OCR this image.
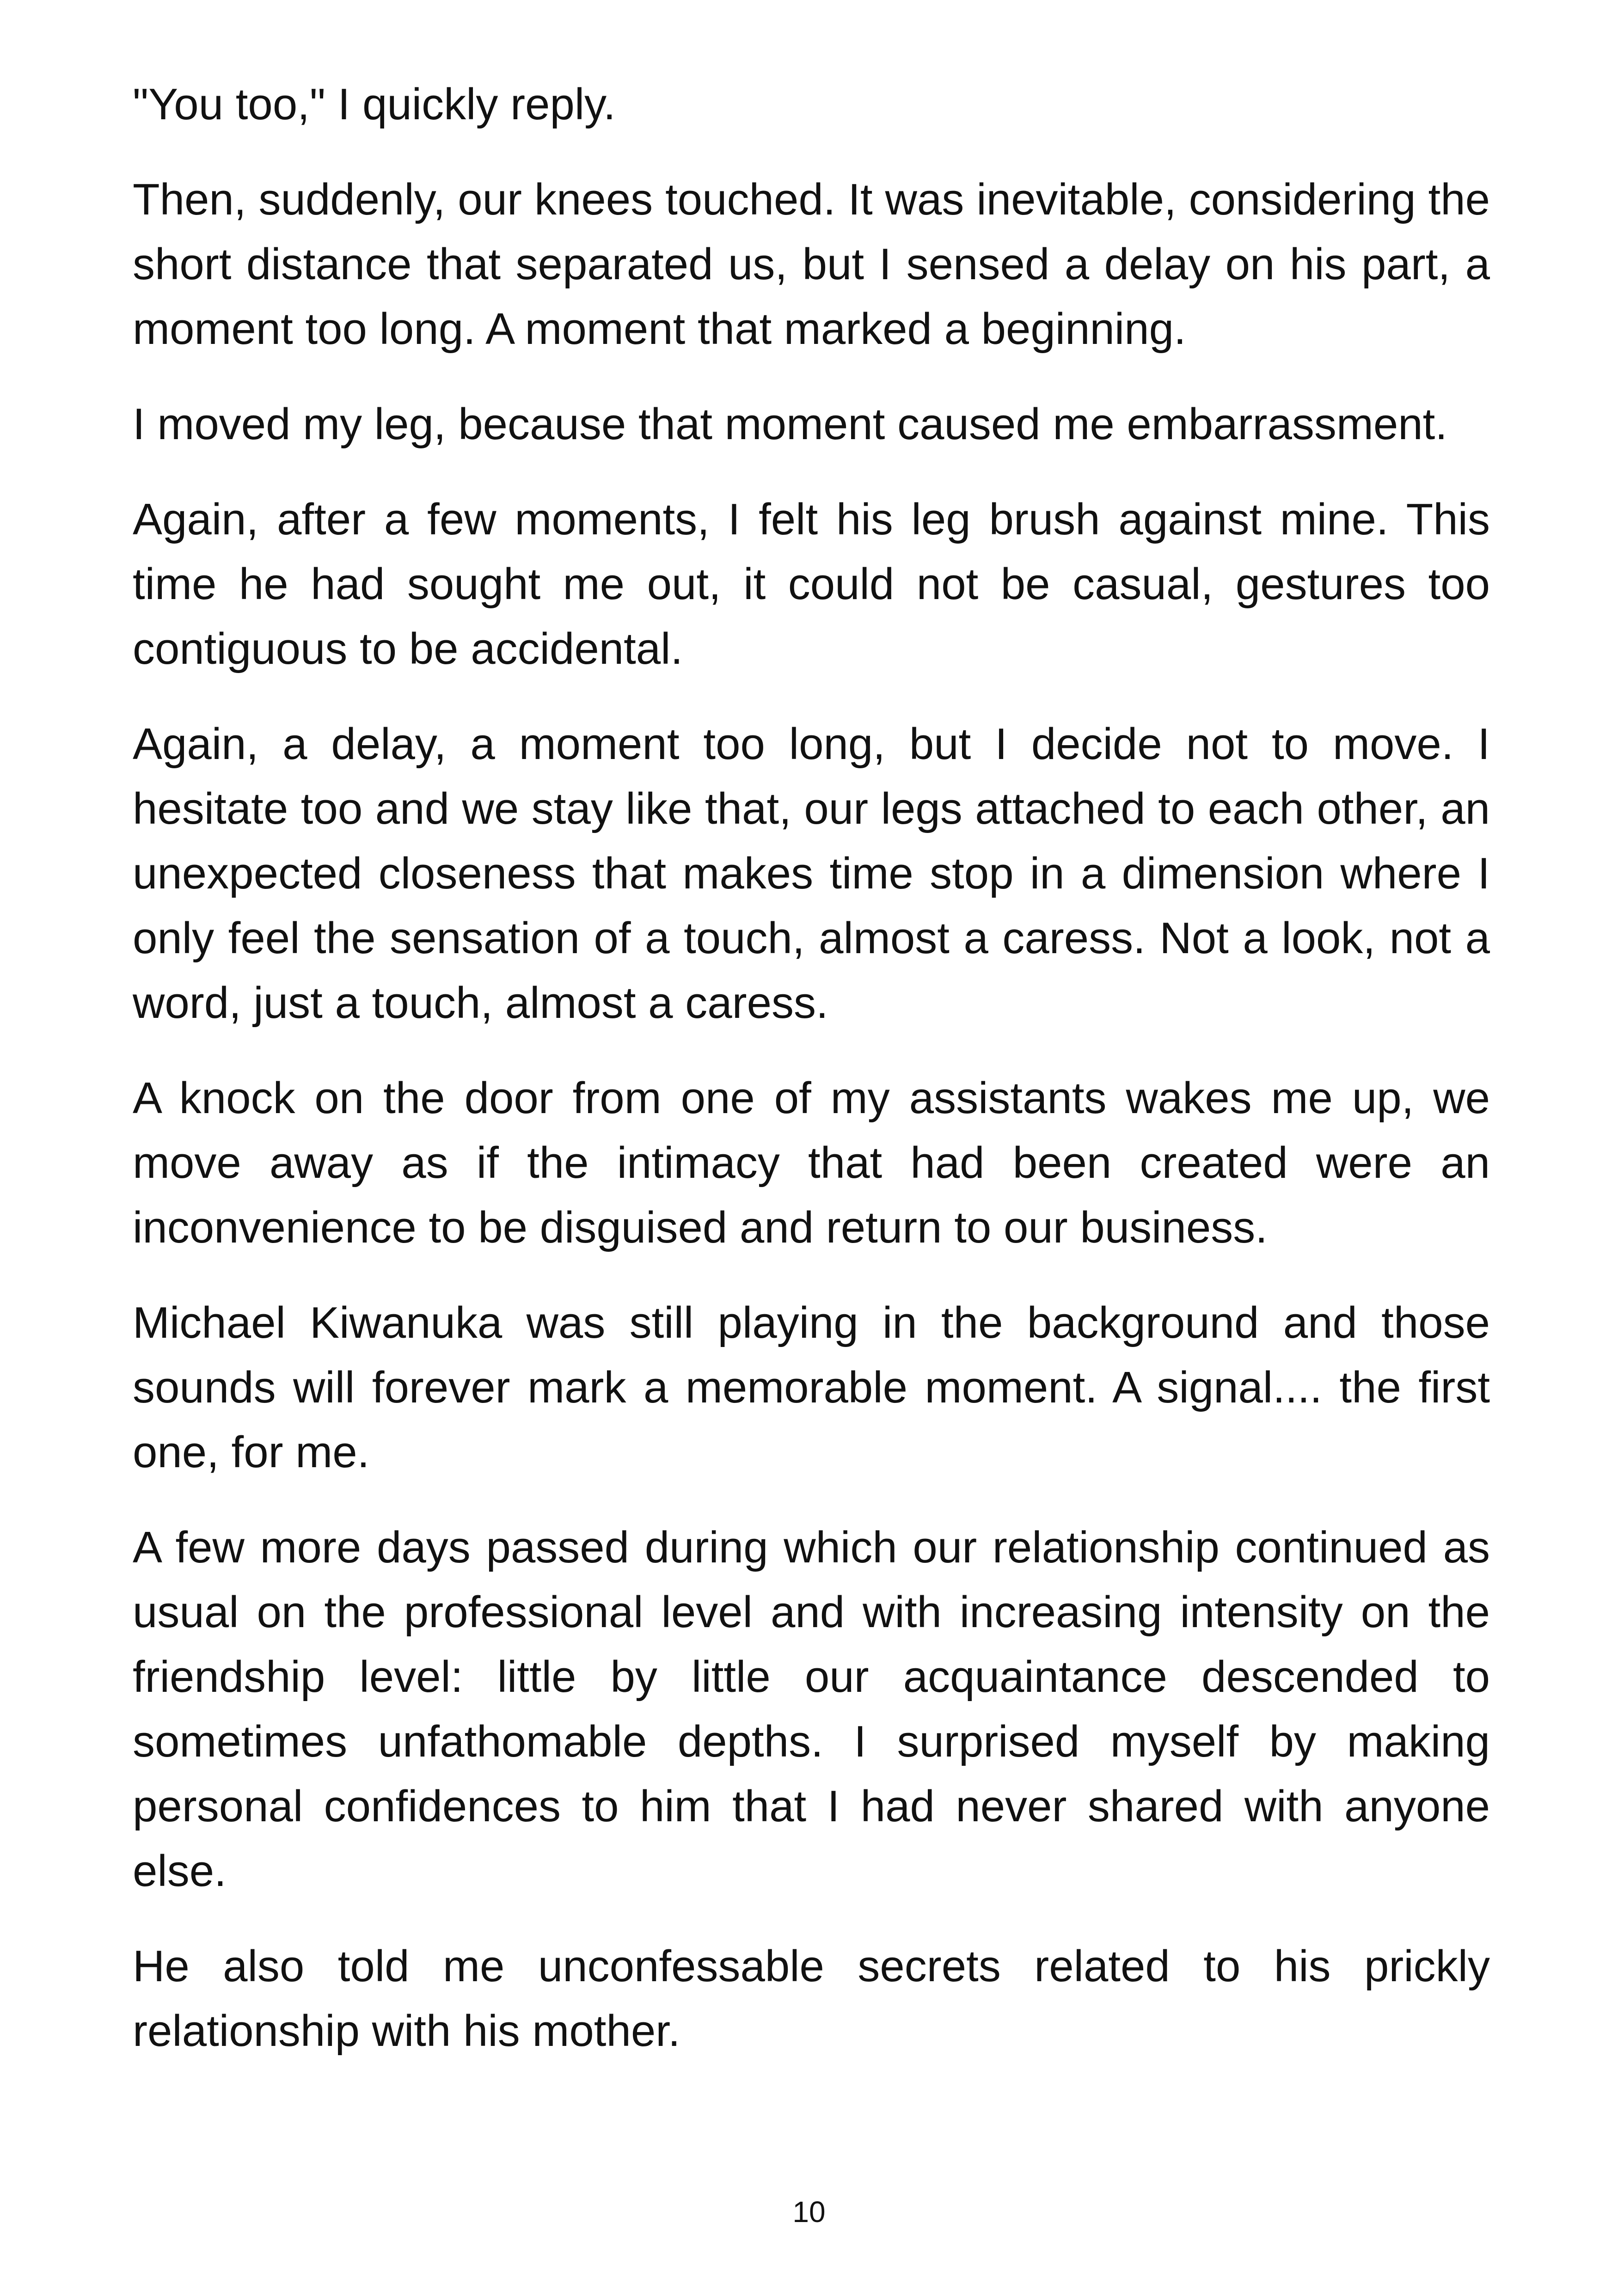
"You too," I quickly reply.

Then, suddenly, our knees touched. It was inevitable, considering the short distance that separated us, but I sensed a delay on his part, a moment too long. A moment that marked a beginning.

I moved my leg, because that moment caused me embarrassment.

Again, after a few moments, I felt his leg brush against mine. This time he had sought me out, it could not be casual, gestures too contiguous to be accidental.

Again, a delay, a moment too long, but I decide not to move. I hesitate too and we stay like that, our legs attached to each other, an unexpected closeness that makes time stop in a dimension where I only feel the sensation of a touch, almost a caress. Not a look, not a word, just a touch, almost a caress.

A knock on the door from one of my assistants wakes me up, we move away as if the intimacy that had been created were an inconvenience to be disguised and return to our business.

Michael Kiwanuka was still playing in the background and those sounds will forever mark a memorable moment. A signal.... the first one, for me.

A few more days passed during which our relationship continued as usual on the professional level and with increasing intensity on the friendship level: little by little our acquaintance descended to sometimes unfathomable depths. I surprised myself by making personal confidences to him that I had never shared with anyone else.

He also told me unconfessable secrets related to his prickly relationship with his mother.

10
